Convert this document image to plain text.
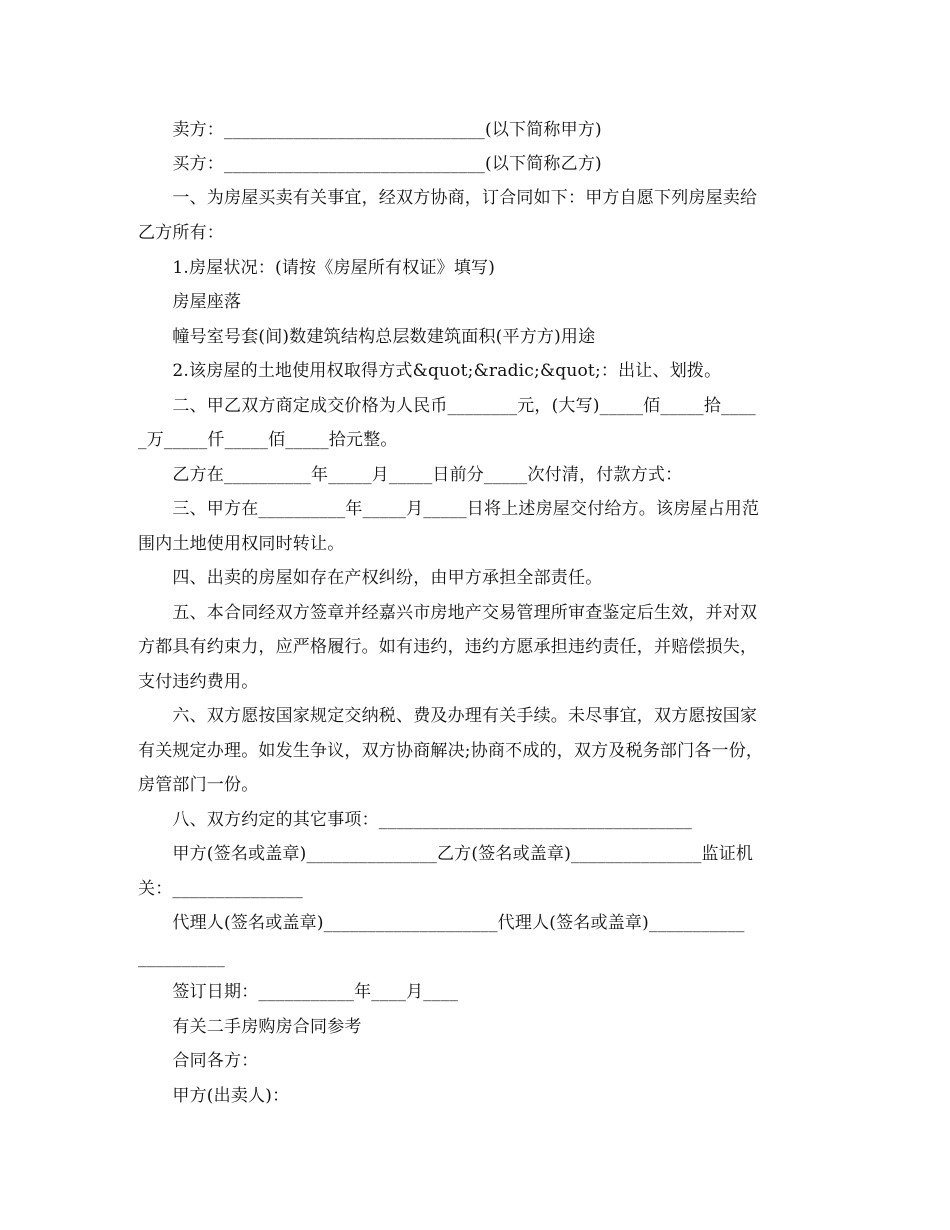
　　卖方：______________________________(以下简称甲方)
　　买方：______________________________(以下简称乙方)
　　一、为房屋买卖有关事宜，经双方协商，订合同如下：甲方自愿下列房屋卖给
乙方所有：
　　1.房屋状况：(请按《房屋所有权证》填写)
　　房屋座落
　　幢号室号套(间)数建筑结构总层数建筑面积(平方方)用途
　　2.该房屋的土地使用权取得方式&quot;&radic;&quot;：出让、划拨。
　　二、甲乙双方商定成交价格为人民币________元，(大写)_____佰_____拾____
_万_____仟_____佰_____拾元整。
　　乙方在__________年_____月_____日前分_____次付清，付款方式：
　　三、甲方在__________年_____月_____日将上述房屋交付给方。该房屋占用范
围内土地使用权同时转让。
　　四、出卖的房屋如存在产权纠纷，由甲方承担全部责任。
　　五、本合同经双方签章并经嘉兴市房地产交易管理所审查鉴定后生效，并对双
方都具有约束力，应严格履行。如有违约，违约方愿承担违约责任，并赔偿损失，
支付违约费用。
　　六、双方愿按国家规定交纳税、费及办理有关手续。未尽事宜，双方愿按国家
有关规定办理。如发生争议，双方协商解决;协商不成的，双方及税务部门各一份，
房管部门一份。
　　八、双方约定的其它事项：____________________________________
　　甲方(签名或盖章)_______________乙方(签名或盖章)_______________监证机
关：_______________
　　代理人(签名或盖章)____________________代理人(签名或盖章)___________
__________
　　签订日期：___________年____月____
　　有关二手房购房合同参考
　　合同各方：
　　甲方(出卖人)：
